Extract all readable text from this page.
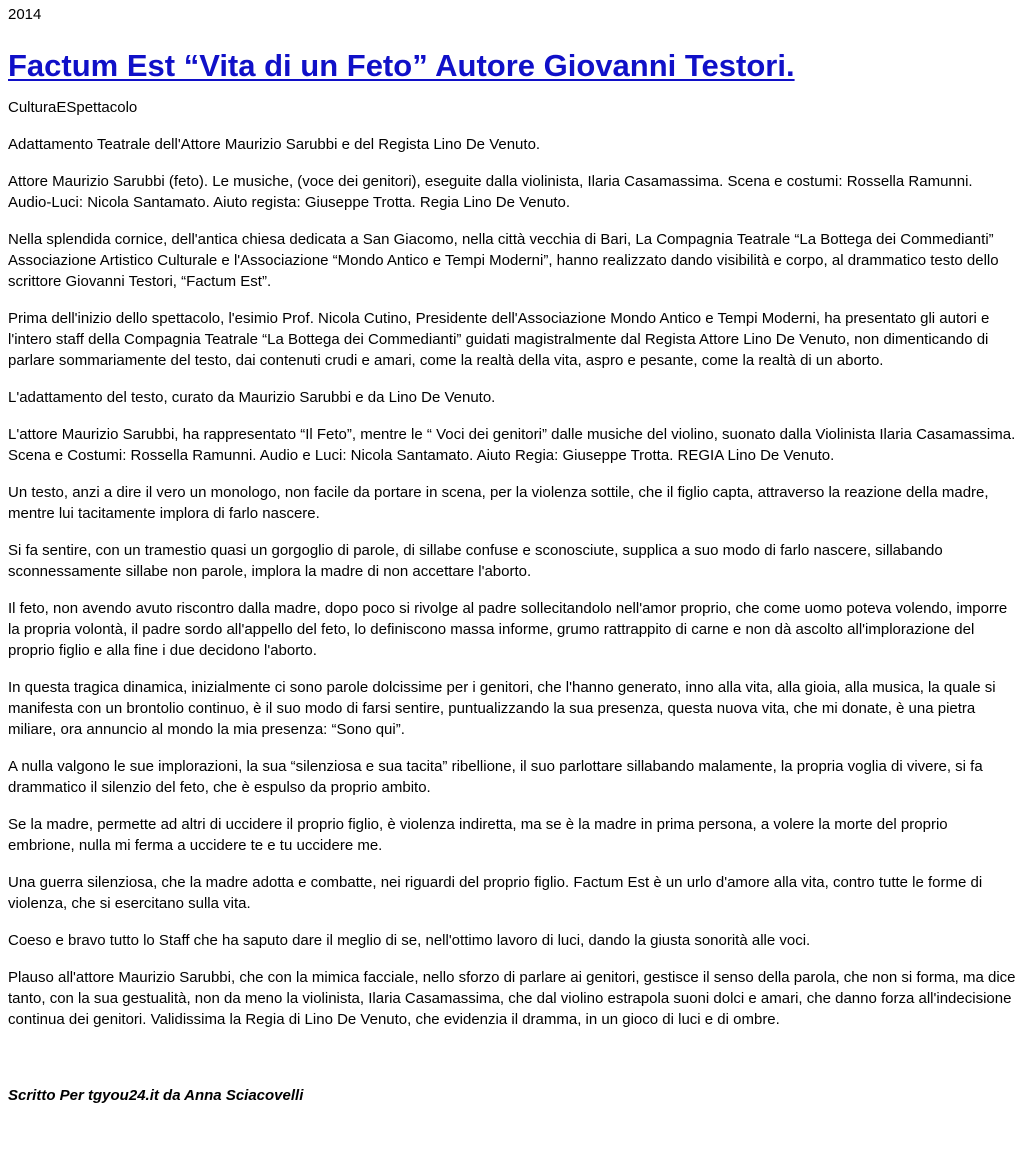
2014
Factum Est “Vita di un Feto” Autore Giovanni Testori.
CulturaESpettacolo

Adattamento Teatrale dell'Attore Maurizio Sarubbi e del Regista Lino De Venuto.

Attore Maurizio Sarubbi (feto). Le musiche, (voce dei genitori), eseguite dalla violinista, Ilaria Casamassima. Scena e costumi: Rossella Ramunni. Audio-Luci: Nicola Santamato. Aiuto regista: Giuseppe Trotta. Regia Lino De Venuto.

Nella splendida cornice, dell'antica chiesa dedicata a San Giacomo, nella città vecchia di Bari, La Compagnia Teatrale “La Bottega dei Commedianti” Associazione Artistico Culturale e l'Associazione “Mondo Antico e Tempi Moderni”, hanno realizzato dando visibilità e corpo, al drammatico testo dello scrittore Giovanni Testori, “Factum Est”.

Prima dell'inizio dello spettacolo, l'esimio Prof. Nicola Cutino, Presidente dell'Associazione Mondo Antico e Tempi Moderni, ha presentato gli autori e l'intero staff della Compagnia Teatrale “La Bottega dei Commedianti” guidati magistralmente dal Regista Attore Lino De Venuto, non dimenticando di parlare sommariamente del testo, dai contenuti crudi e amari, come la realtà della vita, aspro e pesante, come la realtà di un aborto.

L'adattamento del testo, curato da Maurizio Sarubbi e da Lino De Venuto.

L'attore Maurizio Sarubbi, ha rappresentato “Il Feto”, mentre le “ Voci dei genitori” dalle musiche del violino, suonato dalla Violinista Ilaria Casamassima. Scena e Costumi: Rossella Ramunni. Audio e Luci: Nicola Santamato. Aiuto Regia: Giuseppe Trotta. REGIA Lino De Venuto.

Un testo, anzi a dire il vero un monologo, non facile da portare in scena, per la violenza sottile, che il figlio capta, attraverso la reazione della madre, mentre lui tacitamente implora di farlo nascere.

Si fa sentire, con un tramestio quasi un gorgoglio di parole, di sillabe confuse e sconosciute, supplica a suo modo di farlo nascere, sillabando sconnessamente sillabe non parole, implora la madre di non accettare l'aborto.

Il feto, non avendo avuto riscontro dalla madre, dopo poco si rivolge al padre sollecitandolo nell'amor proprio, che come uomo poteva volendo, imporre la propria volontà, il padre sordo all'appello del feto, lo definiscono massa informe, grumo rattrappito di carne e non dà ascolto all'implorazione del proprio figlio e alla fine i due decidono l'aborto.

In questa tragica dinamica, inizialmente ci sono parole dolcissime per i genitori, che l'hanno generato, inno alla vita, alla gioia, alla musica, la quale si manifesta con un brontolio continuo, è il suo modo di farsi sentire, puntualizzando la sua presenza, questa nuova vita, che mi donate, è una pietra miliare, ora annuncio al mondo la mia presenza: “Sono qui”.

A nulla valgono le sue implorazioni, la sua “silenziosa e sua tacita” ribellione, il suo parlottare sillabando malamente, la propria voglia di vivere, si fa drammatico il silenzio del feto, che è espulso da proprio ambito.

Se la madre, permette ad altri di uccidere il proprio figlio, è violenza indiretta, ma se è la madre in prima persona, a volere la morte del proprio embrione, nulla mi ferma a uccidere te e tu uccidere me.

Una guerra silenziosa, che la madre adotta e combatte, nei riguardi del proprio figlio. Factum Est è un urlo d'amore alla vita, contro tutte le forme di violenza, che si esercitano sulla vita.

Coeso e bravo tutto lo Staff che ha saputo dare il meglio di se, nell'ottimo lavoro di luci, dando la giusta sonorità alle voci.

Plauso all'attore Maurizio Sarubbi, che con la mimica facciale, nello sforzo di parlare ai genitori, gestisce il senso della parola, che non si forma, ma dice tanto, con la sua gestualità, non da meno la violinista, Ilaria Casamassima, che dal violino estrapola suoni dolci e amari, che danno forza all'indecisione continua dei genitori. Validissima la Regia di Lino De Venuto, che evidenzia il dramma, in un gioco di luci e di ombre.

Scritto Per tgyou24.it da Anna Sciacovelli
